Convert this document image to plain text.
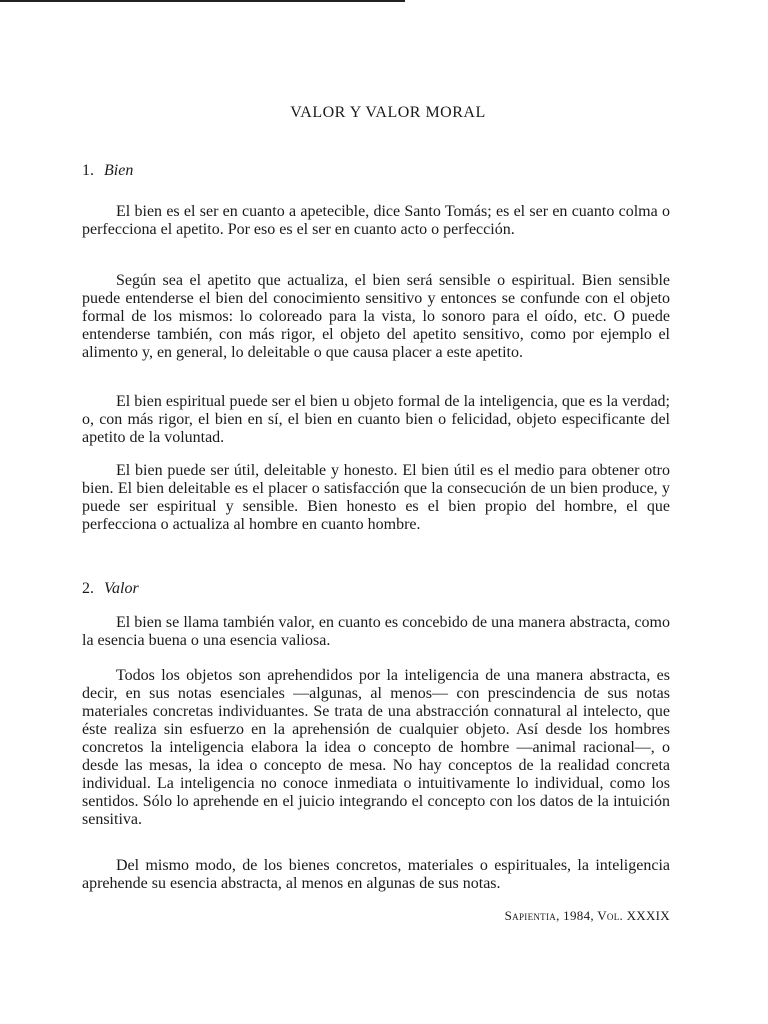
VALOR Y VALOR MORAL
1. Bien

El bien es el ser en cuanto a apetecible, dice Santo Tomás; es el ser en cuanto colma o perfecciona el apetito. Por eso es el ser en cuanto acto o perfección.

Según sea el apetito que actualiza, el bien será sensible o espiritual. Bien sensible puede entenderse el bien del conocimiento sensitivo y entonces se confunde con el objeto formal de los mismos: lo coloreado para la vista, lo sonoro para el oído, etc. O puede entenderse también, con más rigor, el objeto del apetito sensitivo, como por ejemplo el alimento y, en general, lo deleitable o que causa placer a este apetito.

El bien espiritual puede ser el bien u objeto formal de la inteligencia, que es la verdad; o, con más rigor, el bien en sí, el bien en cuanto bien o felicidad, objeto especificante del apetito de la voluntad.

El bien puede ser útil, deleitable y honesto. El bien útil es el medio para obtener otro bien. El bien deleitable es el placer o satisfacción que la consecución de un bien produce, y puede ser espiritual y sensible. Bien honesto es el bien propio del hombre, el que perfecciona o actualiza al hombre en cuanto hombre.

2. Valor

El bien se llama también valor, en cuanto es concebido de una manera abstracta, como la esencia buena o una esencia valiosa.

Todos los objetos son aprehendidos por la inteligencia de una manera abstracta, es decir, en sus notas esenciales —algunas, al menos— con prescindencia de sus notas materiales concretas individuantes. Se trata de una abstracción connatural al intelecto, que éste realiza sin esfuerzo en la aprehensión de cualquier objeto. Así desde los hombres concretos la inteligencia elabora la idea o concepto de hombre —animal racional—, o desde las mesas, la idea o concepto de mesa. No hay conceptos de la realidad concreta individual. La inteligencia no conoce inmediata o intuitivamente lo individual, como los sentidos. Sólo lo aprehende en el juicio integrando el concepto con los datos de la intuición sensitiva.

Del mismo modo, de los bienes concretos, materiales o espirituales, la inteligencia aprehende su esencia abstracta, al menos en algunas de sus notas.

Sapientia, 1984, Vol. XXXIX
